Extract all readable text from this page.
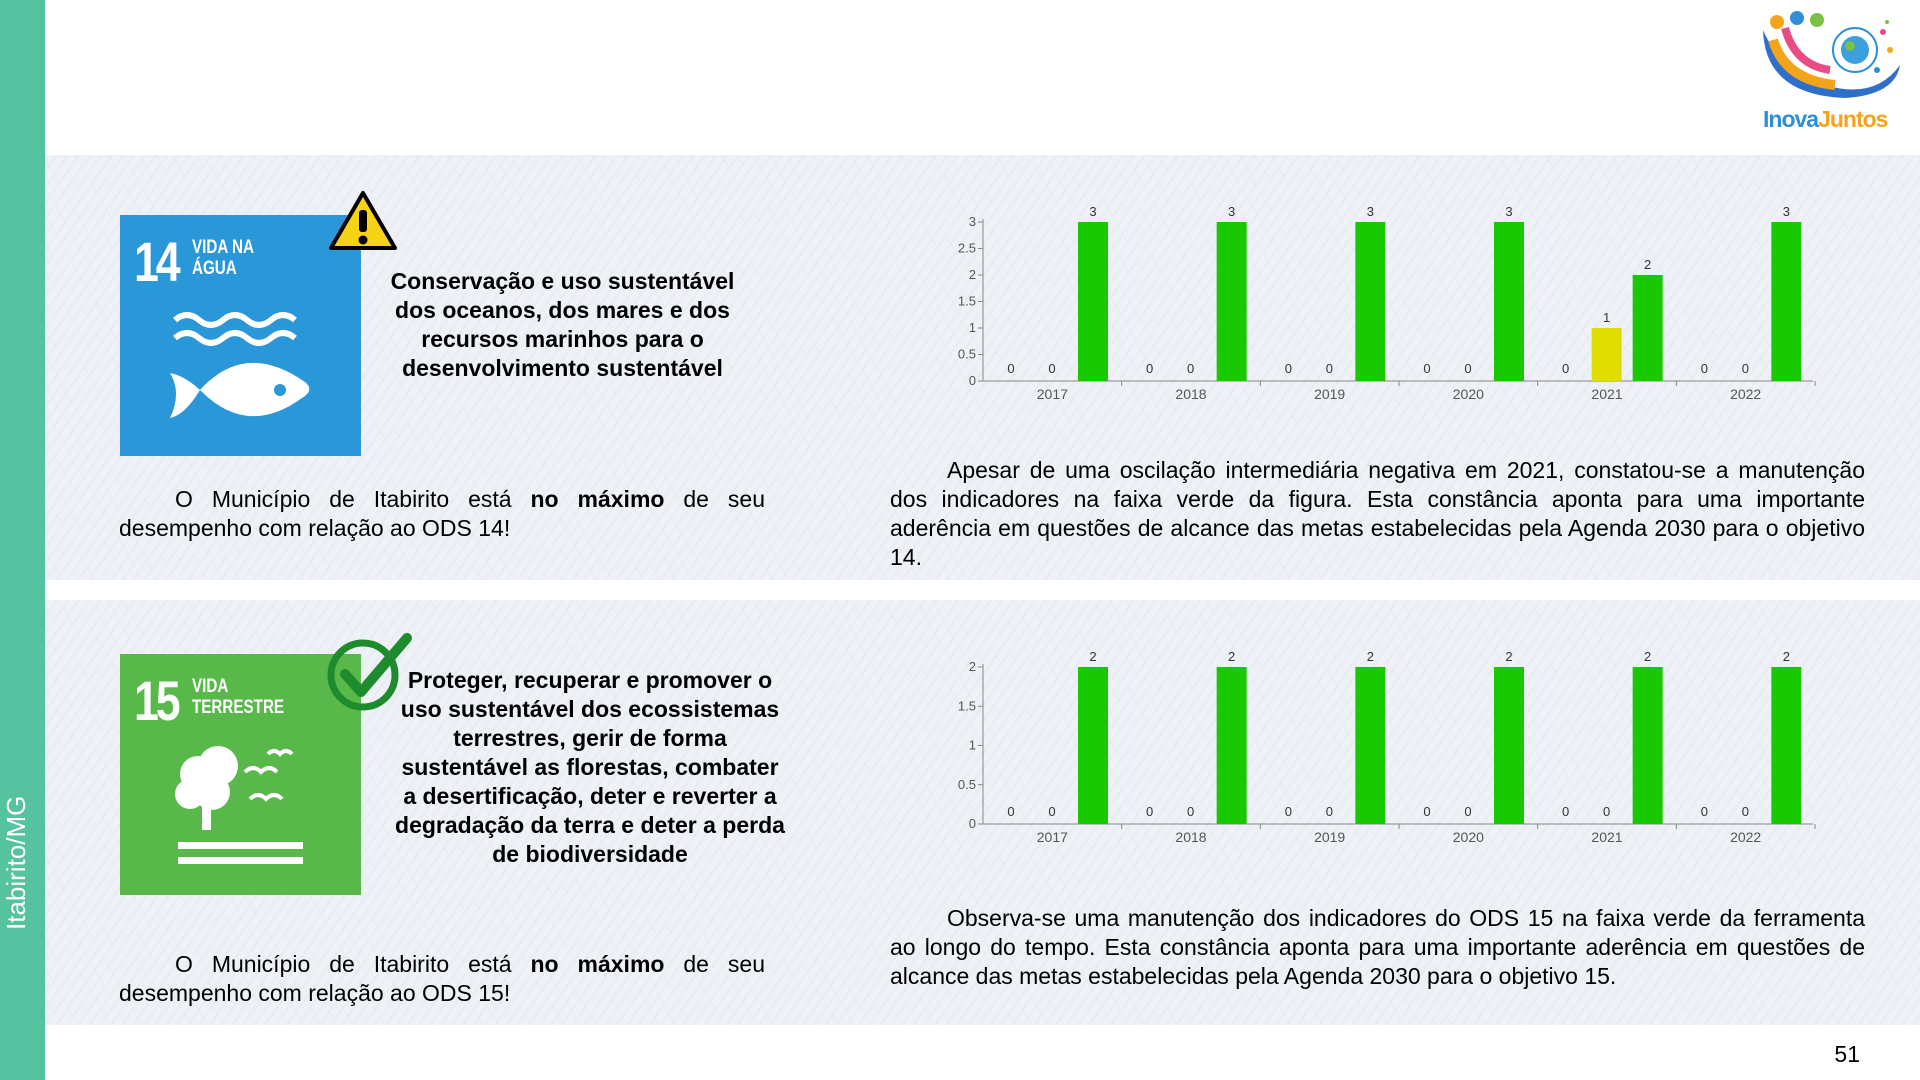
Itabirito/MG
InovaJuntos
14 VIDA NA
ÁGUA	Conservação e uso sustentável dos oceanos, dos mares e dos recursos marinhos para o desenvolvimento sustentável
O Município de Itabirito está no máximo de seu desempenho com relação ao ODS 14!
Apesar de uma oscilação intermediária negativa em 2021, constatou-se a manutenção dos indicadores na faixa verde da figura. Esta constância aponta para uma importante aderência em questões de alcance das metas estabelecidas pela Agenda 2030 para o objetivo 14.
15 VIDA
TERRESTRE
Proteger, recuperar e promover o uso sustentável dos ecossistemas terrestres, gerir de forma sustentável as florestas, combater a desertificação, deter e reverter a degradação da terra e deter a perda de biodiversidade
O Município de Itabirito está no máximo de seu desempenho com relação ao ODS 15!
Observa-se uma manutenção dos indicadores do ODS 15 na faixa verde da ferramenta ao longo do tempo. Esta constância aponta para uma importante aderência em questões de alcance das metas estabelecidas pela Agenda 2030 para o objetivo 15.
0
0.5
1
1.5
2
2.5
3
2017
0	0
3
2018
0	0
3
2019
0	0
3
2020
0	0
3
2021
0
1
2
2022
0	0
3
0
0.5
1
1.5
2
2017
0	0
2
2018
0	0
2
2019
0	0
2
2020
0	0
2
2021
0	0
2
2022
0	0
2
51
